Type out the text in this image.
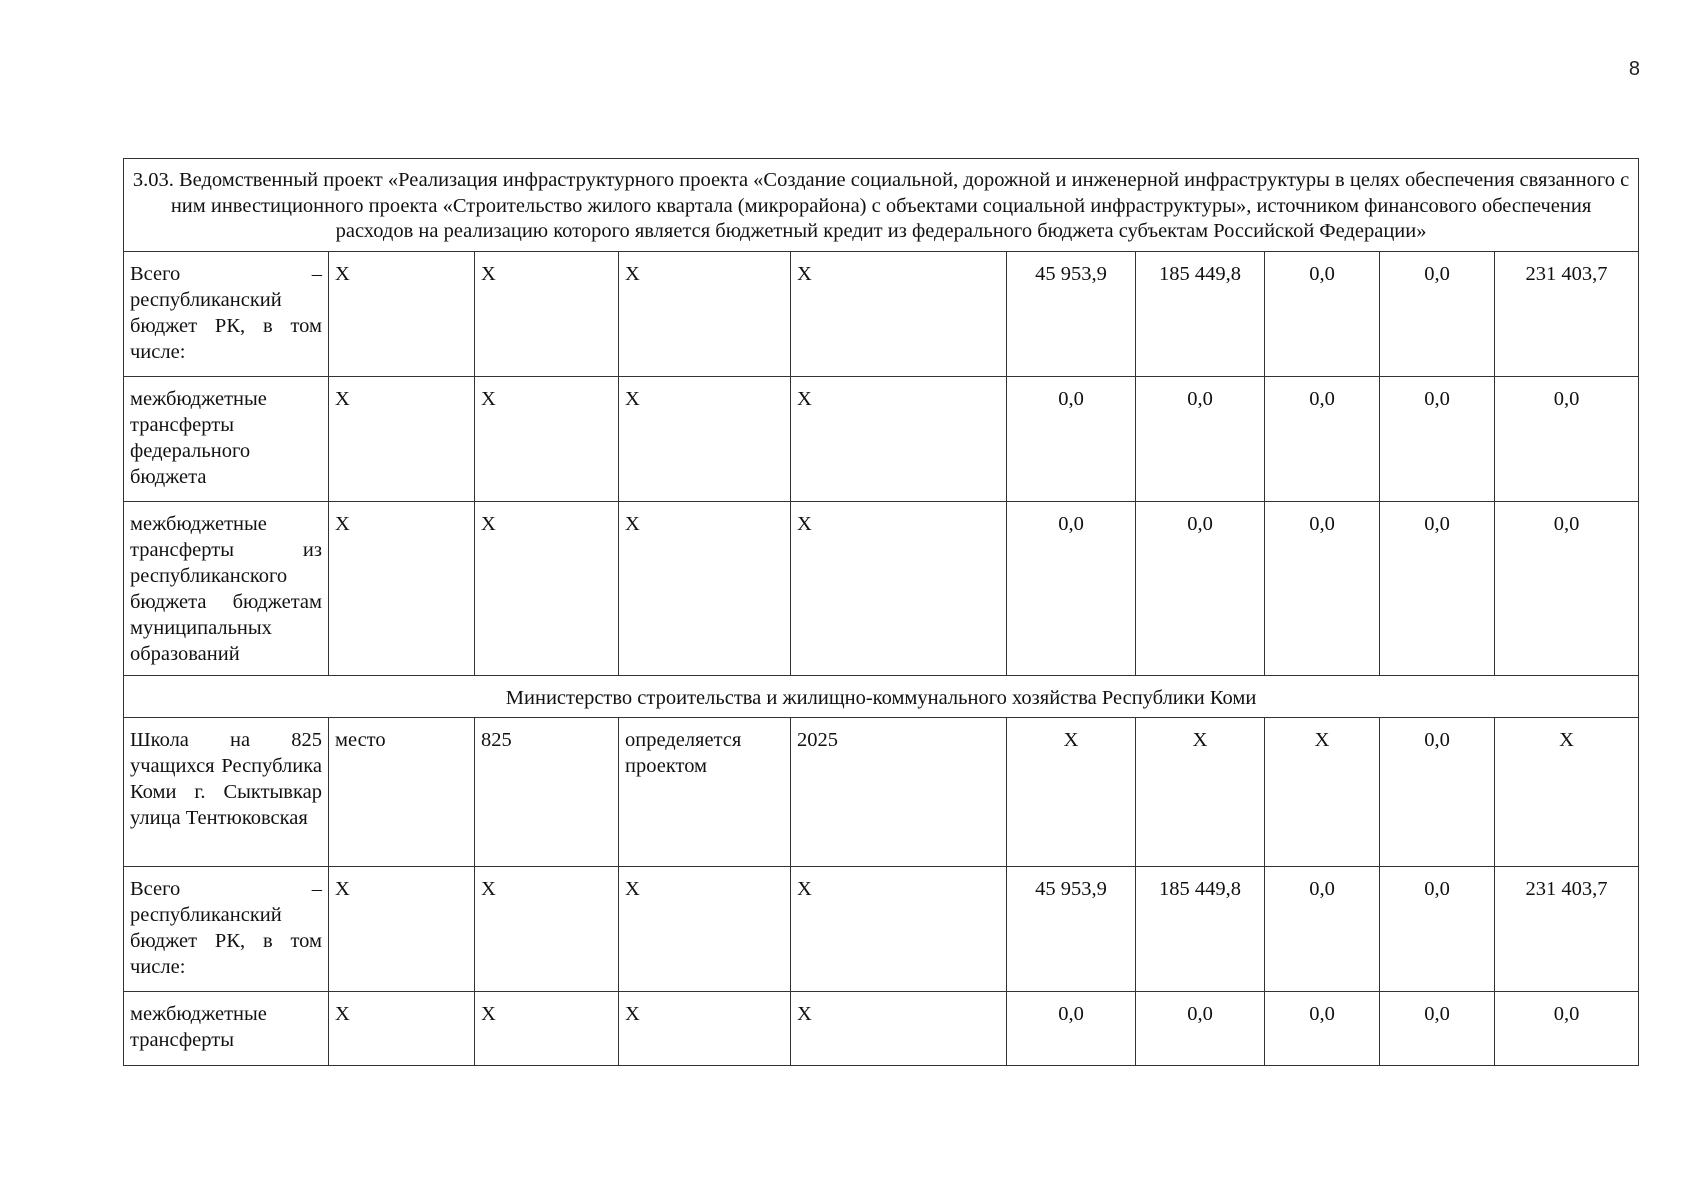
8
3.03. Ведомственный проект «Реализация инфраструктурного проекта «Создание социальной, дорожной и инженерной инфраструктуры в целях обеспечения связанного с ним инвестиционного проекта «Строительство жилого квартала (микрорайона) с объектами социальной инфраструктуры», источником финансового обеспечения расходов на реализацию которого является бюджетный кредит из федерального бюджета субъектам Российской Федерации»									
Всего – республиканский бюджет РК, в том числе:	X	X	X	X	45 953,9	185 449,8	0,0	0,0	231 403,7
межбюджетные трансферты федерального бюджета	X	X	X	X	0,0	0,0	0,0	0,0	0,0
межбюджетные трансферты из республиканского бюджета бюджетам муниципальных образований	X	X	X	X	0,0	0,0	0,0	0,0	0,0
Министерство строительства и жилищно-коммунального хозяйства Республики Коми									
Школа на 825 учащихся Республика Коми г. Сыктывкар улица Тентюковская	место	825	определяется проектом	2025	X	X	X	0,0	X
Всего – республиканский бюджет РК, в том числе:	X	X	X	X	45 953,9	185 449,8	0,0	0,0	231 403,7
межбюджетные трансферты	X	X	X	X	0,0	0,0	0,0	0,0	0,0
